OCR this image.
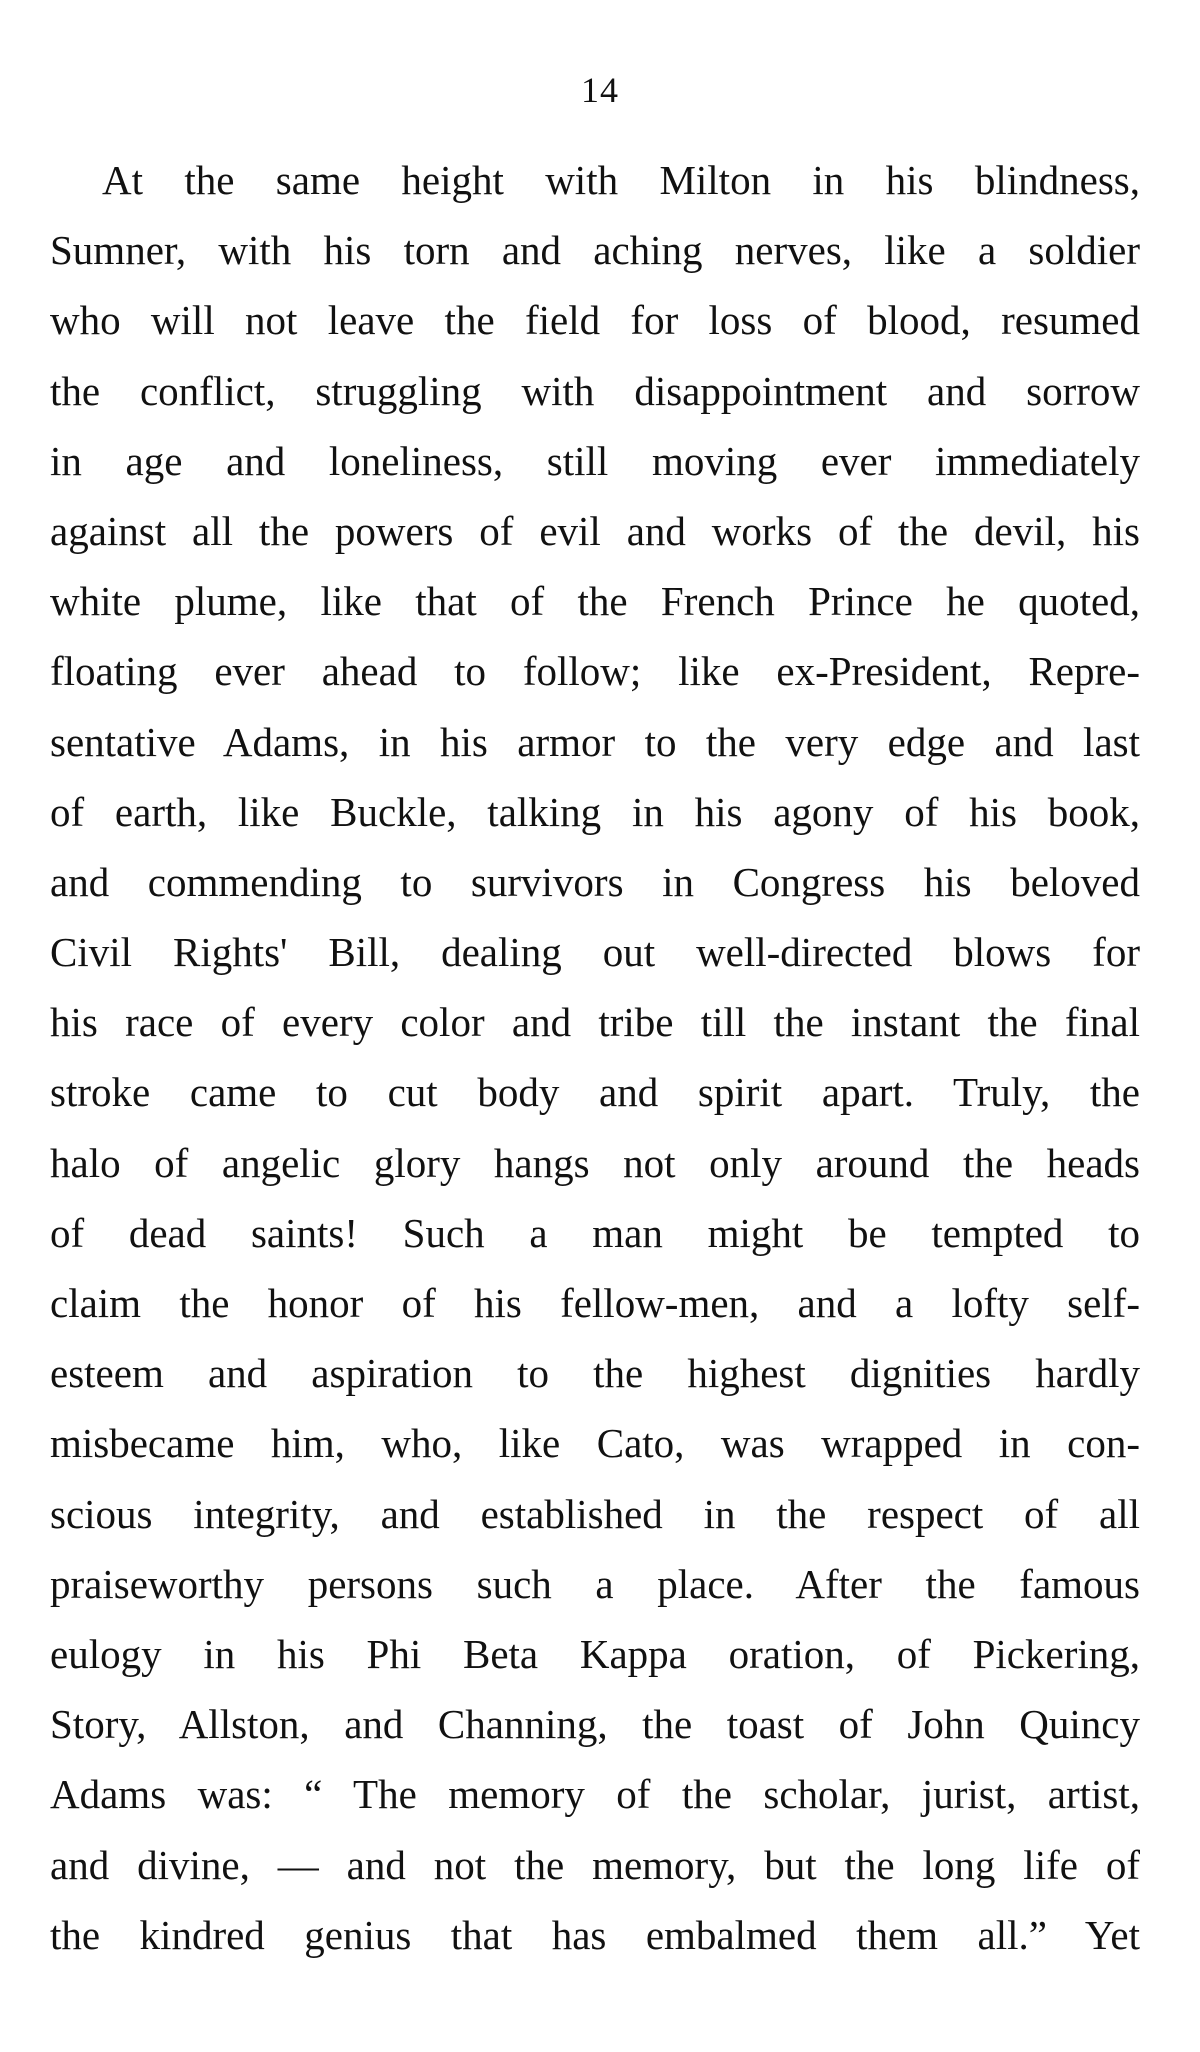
14
At the same height with Milton in his blindness,
Sumner, with his torn and aching nerves, like a soldier
who will not leave the field for loss of blood, resumed
the conflict, struggling with disappointment and sorrow
in age and loneliness, still moving ever immediately
against all the powers of evil and works of the devil, his
white plume, like that of the French Prince he quoted,
floating ever ahead to follow; like ex-President, Repre-
sentative Adams, in his armor to the very edge and last
of earth, like Buckle, talking in his agony of his book,
and commending to survivors in Congress his beloved
Civil Rights' Bill, dealing out well-directed blows for
his race of every color and tribe till the instant the final
stroke came to cut body and spirit apart. Truly, the
halo of angelic glory hangs not only around the heads
of dead saints! Such a man might be tempted to
claim the honor of his fellow-men, and a lofty self-
esteem and aspiration to the highest dignities hardly
misbecame him, who, like Cato, was wrapped in con-
scious integrity, and established in the respect of all
praiseworthy persons such a place. After the famous
eulogy in his Phi Beta Kappa oration, of Pickering,
Story, Allston, and Channing, the toast of John Quincy
Adams was: “ The memory of the scholar, jurist, artist,
and divine, — and not the memory, but the long life of
the kindred genius that has embalmed them all.” Yet
